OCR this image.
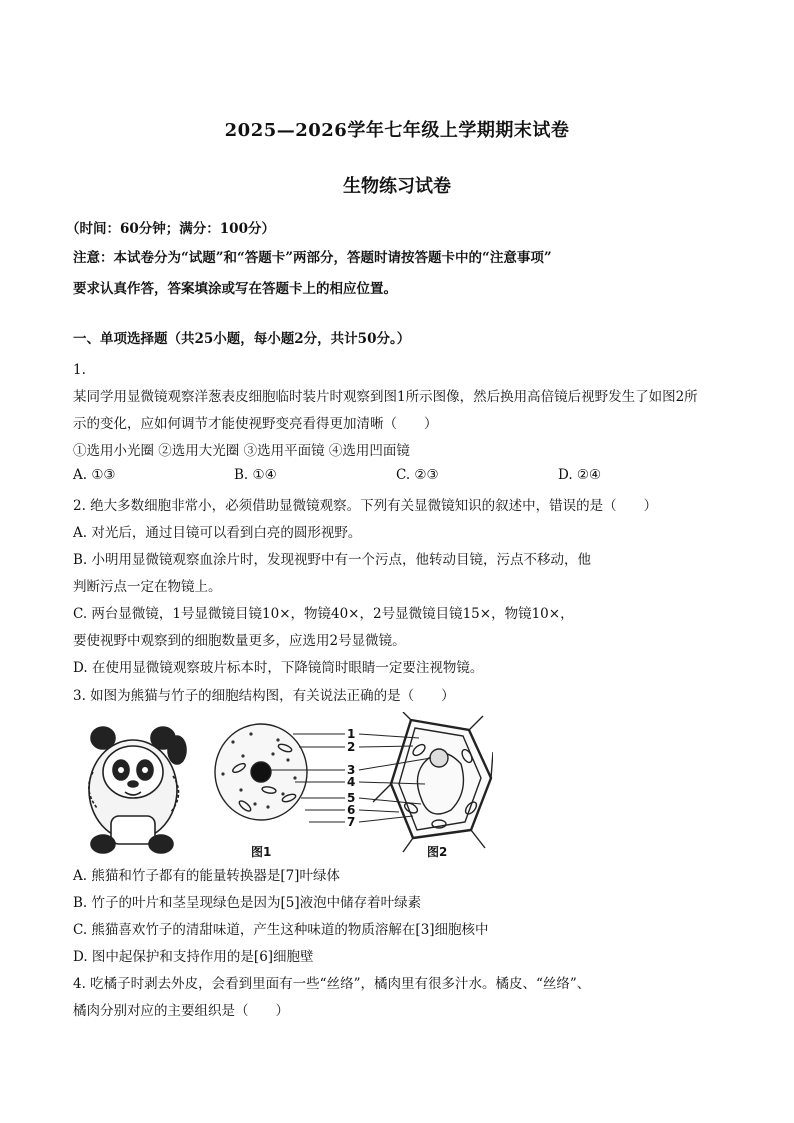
2025—2026学年七年级上学期期末试卷
生物练习试卷
（时间：60分钟；满分：100分）
注意：本试卷分为“试题”和“答题卡”两部分，答题时请按答题卡中的“注意事项”
要求认真作答，答案填涂或写在答题卡上的相应位置。
一、单项选择题（共25小题，每小题2分，共计50分。）
1.
某同学用显微镜观察洋葱表皮细胞临时装片时观察到图1所示图像，然后换用高倍镜后视野发生了如图2所
示的变化，应如何调节才能使视野变亮看得更加清晰（　　）
①选用小光圈 ②选用大光圈 ③选用平面镜 ④选用凹面镜
A. ①③	B. ①④	C. ②③	D. ②④
2. 绝大多数细胞非常小，必须借助显微镜观察。下列有关显微镜知识的叙述中，错误的是（　　）
A. 对光后，通过目镜可以看到白亮的圆形视野。
B. 小明用显微镜观察血涂片时，发现视野中有一个污点，他转动目镜，污点不移动，他
判断污点一定在物镜上。
C. 两台显微镜，1号显微镜目镜10×，物镜40×，2号显微镜目镜15×，物镜10×，
要使视野中观察到的细胞数量更多，应选用2号显微镜。
D. 在使用显微镜观察玻片标本时，下降镜筒时眼睛一定要注视物镜。
3. 如图为熊猫与竹子的细胞结构图，有关说法正确的是（　　）
1
2
3
4
5
6
7
图1	图2
A. 熊猫和竹子都有的能量转换器是[7]叶绿体
B. 竹子的叶片和茎呈现绿色是因为[5]液泡中储存着叶绿素
C. 熊猫喜欢竹子的清甜味道，产生这种味道的物质溶解在[3]细胞核中
D. 图中起保护和支持作用的是[6]细胞壁
4. 吃橘子时剥去外皮，会看到里面有一些“丝络”，橘肉里有很多汁水。橘皮、“丝络”、
橘肉分别对应的主要组织是（　　）
